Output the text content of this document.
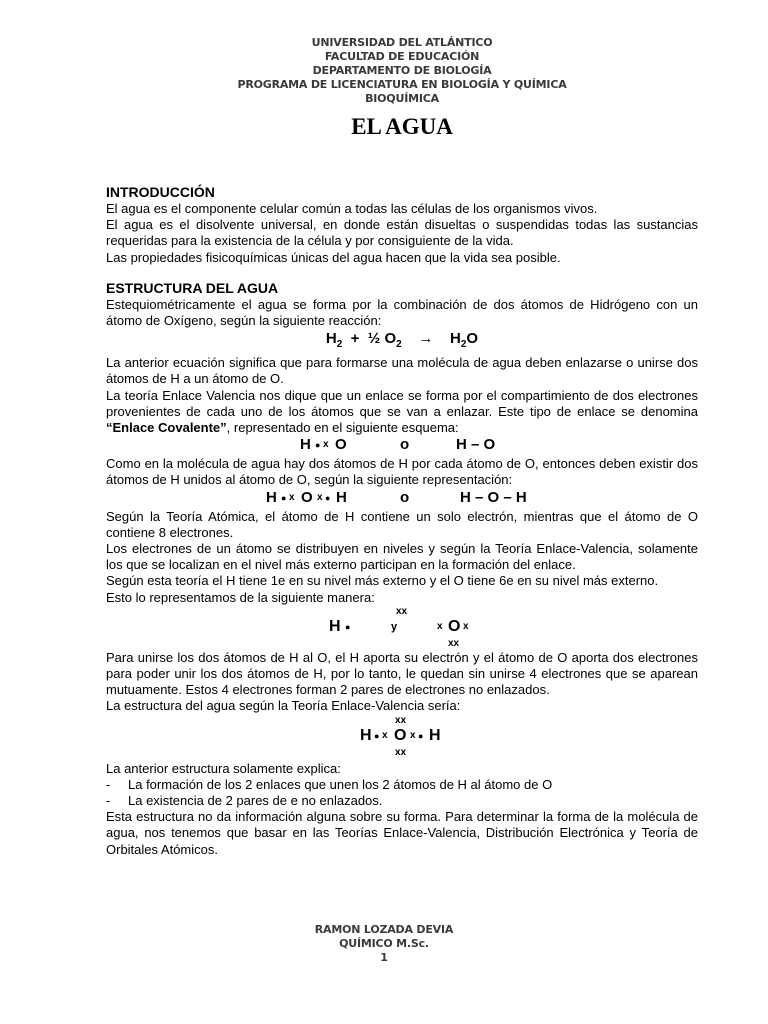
UNIVERSIDAD DEL ATLÁNTICO
FACULTAD DE EDUCACIÓN
DEPARTAMENTO DE BIOLOGÍA
PROGRAMA DE LICENCIATURA EN BIOLOGÍA Y QUÍMICA
BIOQUÍMICA
EL AGUA
INTRODUCCIÓN

El agua es el componente celular común a todas las células de los organismos vivos.

El agua es el disolvente universal, en donde están disueltas o suspendidas todas las sustancias requeridas para la existencia de la célula y por consiguiente de la vida.

Las propiedades fisicoquímicas únicas del agua hacen que la vida sea posible.

ESTRUCTURA DEL AGUA

Estequiométricamente el agua se forma por la combinación de dos átomos de Hidrógeno con un átomo de Oxígeno, según la siguiente reacción:

$H_2$ + ½ $O_2 \to H_2O$

La anterior ecuación significa que para formarse una molécula de agua deben enlazarse o unirse dos átomos de H a un átomo de O.

La teoría Enlace Valencia nos dique que un enlace se forma por el compartimiento de dos electrones provenientes de cada uno de los átomos que se van a enlazar. Este tipo de enlace se denomina “Enlace Covalente”, representado en el siguiente esquema:

H ● x O	o	H – O

Como en la molécula de agua hay dos átomos de H por cada átomo de O, entonces deben existir dos átomos de H unidos al átomo de O, según la siguiente representación:

H ● x O x ● H	o	H – O – H

Según la Teoría Atómica, el átomo de H contiene un solo electrón, mientras que el átomo de O contiene 8 electrones.

Los electrones de un átomo se distribuyen en niveles y según la Teoría Enlace-Valencia, solamente los que se localizan en el nivel más externo participan en la formación del enlace.

Según esta teoría el H tiene 1e en su nivel más externo y el O tiene 6e en su nivel más externo.

Esto lo representamos de la siguiente manera:

xx
H ●	y	x O x
xx

Para unirse los dos átomos de H al O, el H aporta su electrón y el átomo de O aporta dos electrones para poder unir los dos átomos de H, por lo tanto, le quedan sin unirse 4 electrones que se aparean mutuamente. Estos 4 electrones forman 2 pares de electrones no enlazados.

La estructura del agua según la Teoría Enlace-Valencia sería:

xx
H ● x O x ● H
xx

La anterior estructura solamente explica:

- La formación de los 2 enlaces que unen los 2 átomos de H al átomo de O
- La existencia de 2 pares de e no enlazados.

Esta estructura no da información alguna sobre su forma. Para determinar la forma de la molécula de agua, nos tenemos que basar en las Teorías Enlace-Valencia, Distribución Electrónica y Teoría de Orbitales Atómicos.

RAMON LOZADA DEVIA
QUÍMICO M.Sc.
1
